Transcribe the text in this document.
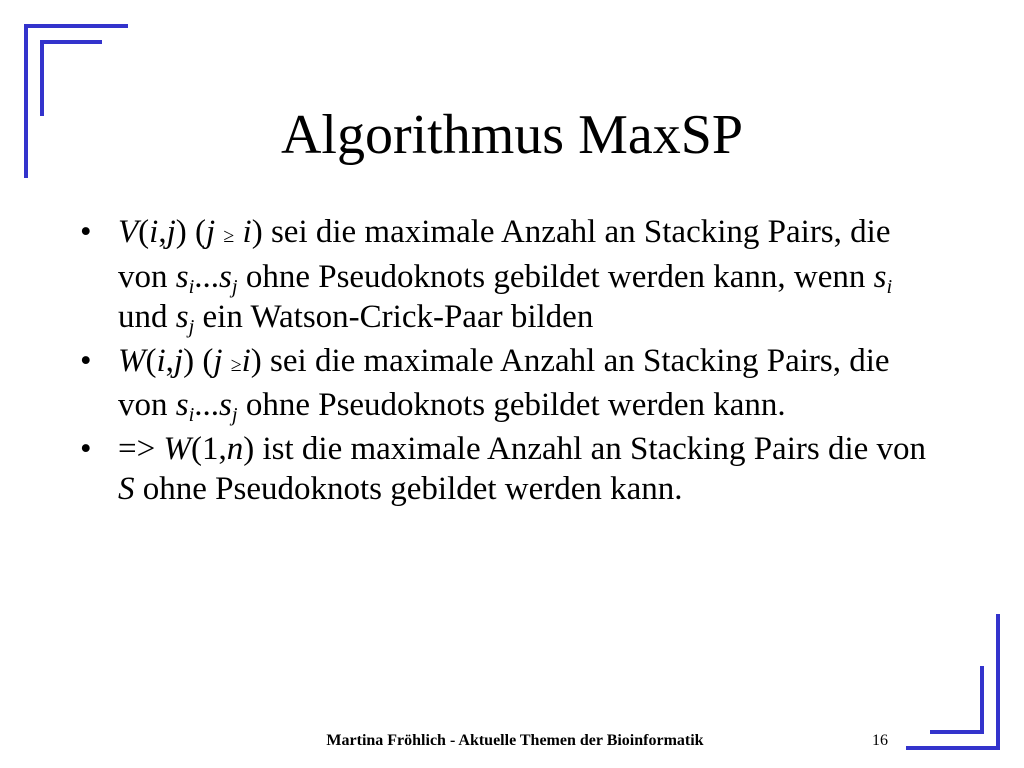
Algorithmus MaxSP
• V(i,j) (j ≥ i) sei die maximale Anzahl an Stacking Pairs, die von $s_i...s_j$ ohne Pseudoknots gebildet werden kann, wenn $s_i$ und $s_j$ ein Watson-Crick-Paar bilden
• W(i,j) (j ≥i) sei die maximale Anzahl an Stacking Pairs, die von $s_i...s_j$ ohne Pseudoknots gebildet werden kann.
• => W(1,n) ist die maximale Anzahl an Stacking Pairs die von S ohne Pseudoknots gebildet werden kann.
Martina Fröhlich - Aktuelle Themen der Bioinformatik	16
